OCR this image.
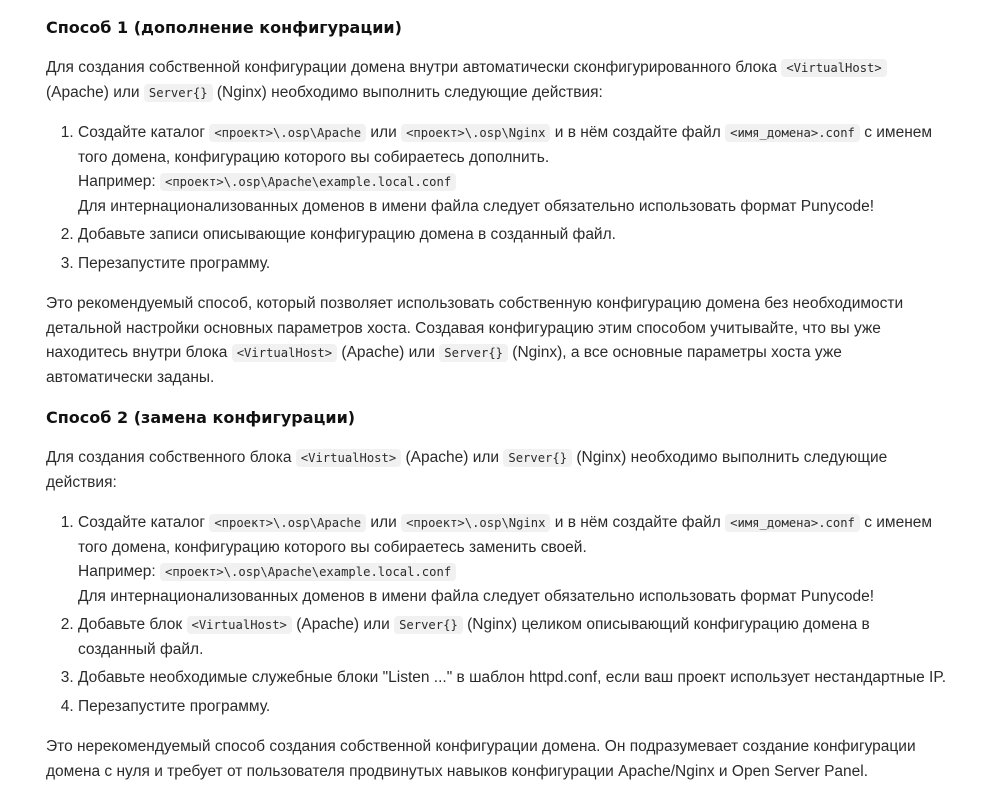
Способ 1 (дополнение конфигурации)

Для создания собственной конфигурации домена внутри автоматически сконфигурированного блока <VirtualHost>
(Apache) или Server{} (Nginx) необходимо выполнить следующие действия:

1. Создайте каталог <проект>\.osp\Apache или <проект>\.osp\Nginx и в нём создайте файл <имя_домена>.conf с именем того домена, конфигурацию которого вы собираетесь дополнить.
Например: <проект>\.osp\Apache\example.local.conf
Для интернационализованных доменов в имени файла следует обязательно использовать формат Punycode!
2. Добавьте записи описывающие конфигурацию домена в созданный файл.
3. Перезапустите программу.

Это рекомендуемый способ, который позволяет использовать собственную конфигурацию домена без необходимости детальной настройки основных параметров хоста. Создавая конфигурацию этим способом учитывайте, что вы уже находитесь внутри блока <VirtualHost> (Apache) или Server{} (Nginx), а все основные параметры хоста уже автоматически заданы.

Способ 2 (замена конфигурации)

Для создания собственного блока <VirtualHost> (Apache) или Server{} (Nginx) необходимо выполнить следующие действия:

1. Создайте каталог <проект>\.osp\Apache или <проект>\.osp\Nginx и в нём создайте файл <имя_домена>.conf с именем того домена, конфигурацию которого вы собираетесь заменить своей.
Например: <проект>\.osp\Apache\example.local.conf
Для интернационализованных доменов в имени файла следует обязательно использовать формат Punycode!
2. Добавьте блок <VirtualHost> (Apache) или Server{} (Nginx) целиком описывающий конфигурацию домена в созданный файл.
3. Добавьте необходимые служебные блоки "Listen ..." в шаблон httpd.conf, если ваш проект использует нестандартные IP.
4. Перезапустите программу.

Это нерекомендуемый способ создания собственной конфигурации домена. Он подразумевает создание конфигурации домена с нуля и требует от пользователя продвинутых навыков конфигурации Apache/Nginx и Open Server Panel.
